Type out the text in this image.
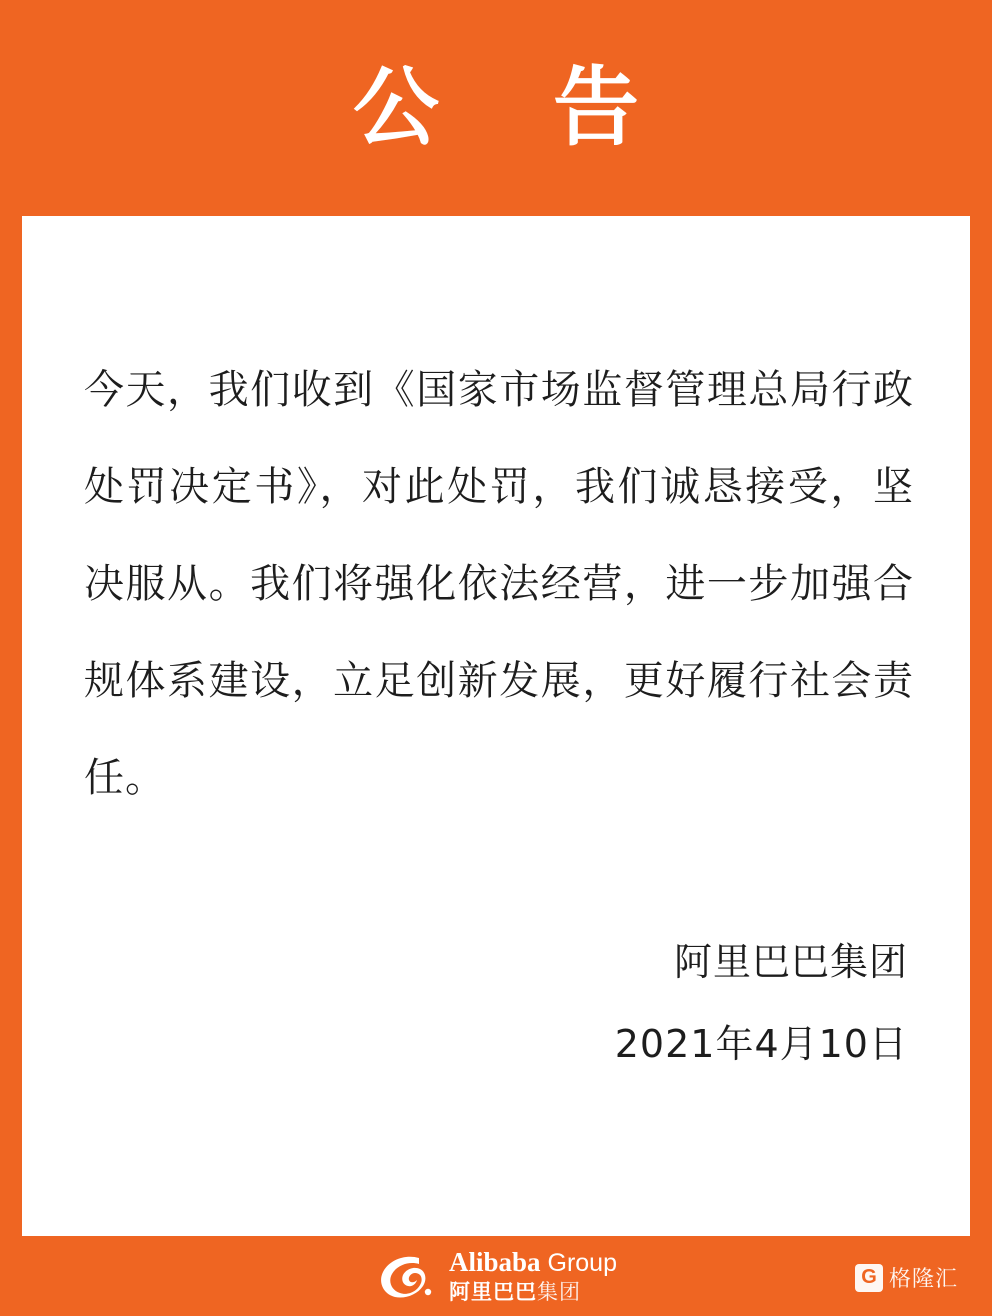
公 告
今天，我们收到《国家市场监督管理总局行政处罚决定书》，对此处罚，我们诚恳接受，坚决服从。我们将强化依法经营，进一步加强合规体系建设，立足创新发展，更好履行社会责任。
阿里巴巴集团
2021年4月10日
Alibaba Group
阿里巴巴集团
G 格隆汇
